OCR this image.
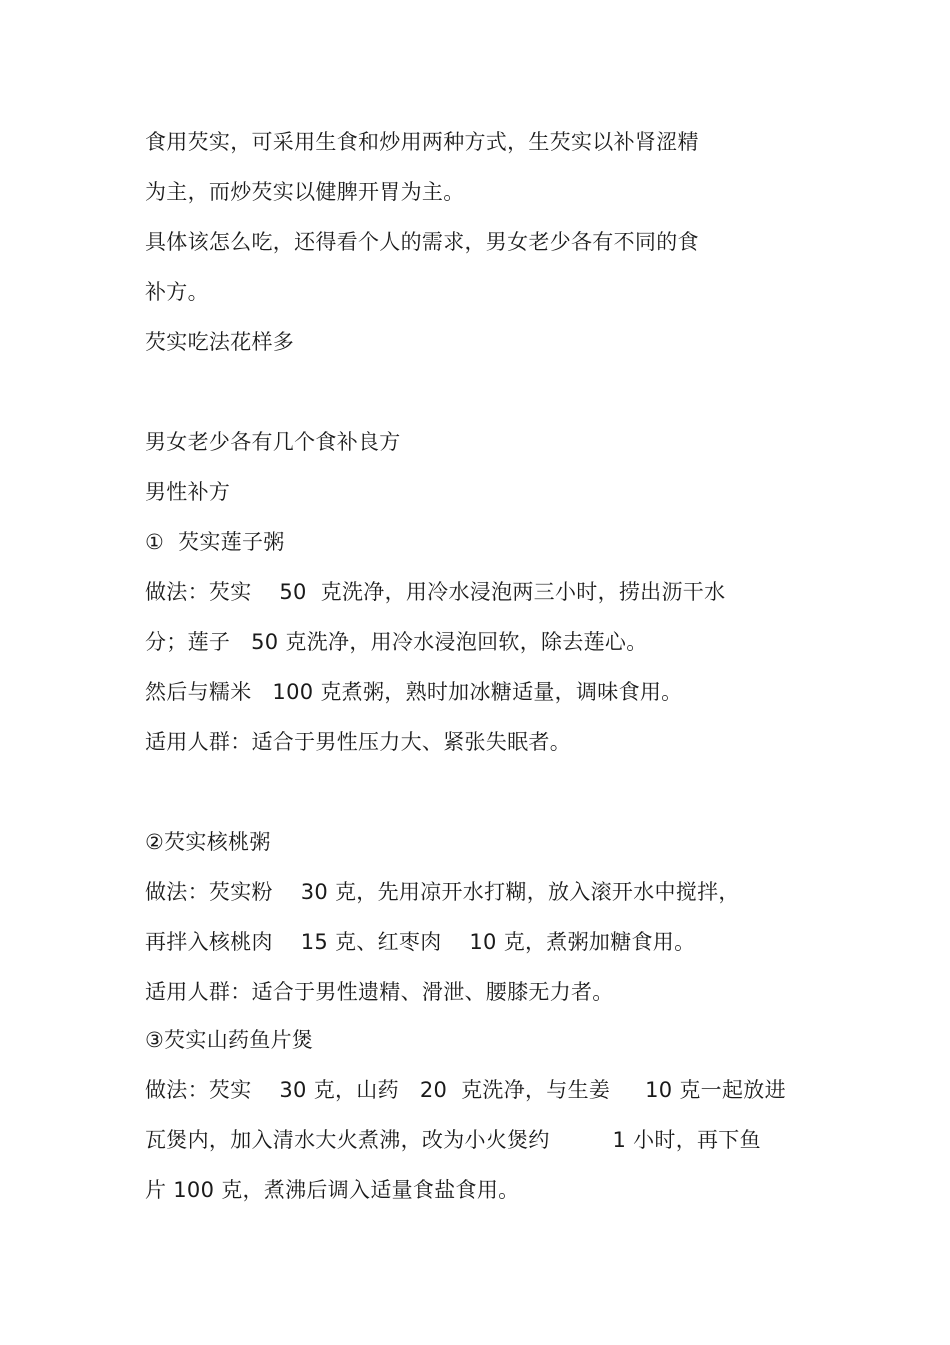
食用芡实，可采用生食和炒用两种方式，生芡实以补肾涩精
为主，而炒芡实以健脾开胃为主。
具体该怎么吃，还得看个人的需求，男女老少各有不同的食
补方。
芡实吃法花样多
男女老少各有几个食补良方
男性补方
①  芡实莲子粥
做法：芡实    50  克洗净，用冷水浸泡两三小时，捞出沥干水
分；莲子   50 克洗净，用冷水浸泡回软，除去莲心。
然后与糯米   100 克煮粥，熟时加冰糖适量，调味食用。
适用人群：适合于男性压力大、紧张失眠者。
②芡实核桃粥
做法：芡实粉    30 克，先用凉开水打糊，放入滚开水中搅拌，
再拌入核桃肉    15 克、红枣肉    10 克，煮粥加糖食用。
适用人群：适合于男性遗精、滑泄、腰膝无力者。
③芡实山药鱼片煲
做法：芡实    30 克，山药   20  克洗净，与生姜     10 克一起放进
瓦煲内，加入清水大火煮沸，改为小火煲约         1 小时，再下鱼
片 100 克，煮沸后调入适量食盐食用。
